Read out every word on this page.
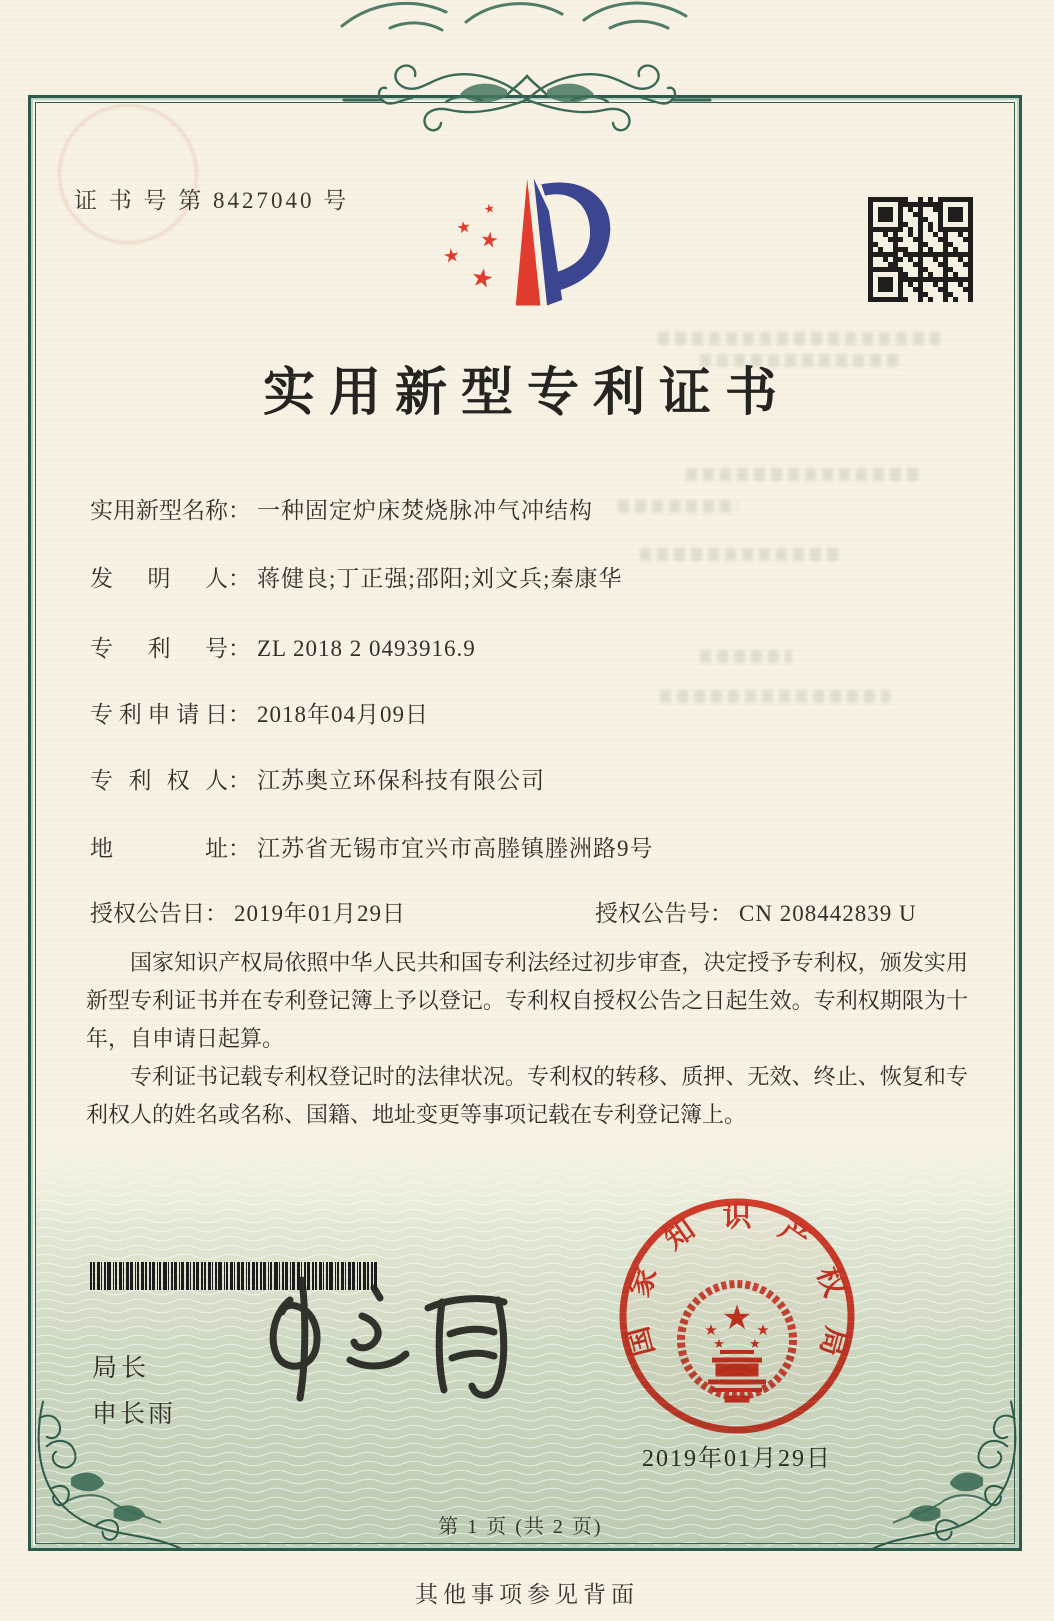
证 书 号 第 8427040 号	★
★ ★
★
★
实用新型专利证书
实用新型名称： 一种固定炉床焚烧脉冲气冲结构
发明人： 蒋健良;丁正强;邵阳;刘文兵;秦康华
专利号： ZL 2018 2 0493916.9
专利申请日： 2018年04月09日
专利权人： 江苏奥立环保科技有限公司
地址： 江苏省无锡市宜兴市高塍镇塍洲路9号
授权公告日： 2019年01月29日	授权公告号： CN 208442839 U

国家知识产权局依照中华人民共和国专利法经过初步审查，决定授予专利权，颁发实用新型专利证书并在专利登记簿上予以登记。专利权自授权公告之日起生效。专利权期限为十年，自申请日起算。

专利证书记载专利权登记时的法律状况。专利权的转移、质押、无效、终止、恢复和专利权人的姓名或名称、国籍、地址变更等事项记载在专利登记簿上。

局长
申长雨
国
家
知 识 产
权
局
★
★	★
★ ★
2019年01月29日
第 1 页 (共 2 页)
其他事项参见背面
